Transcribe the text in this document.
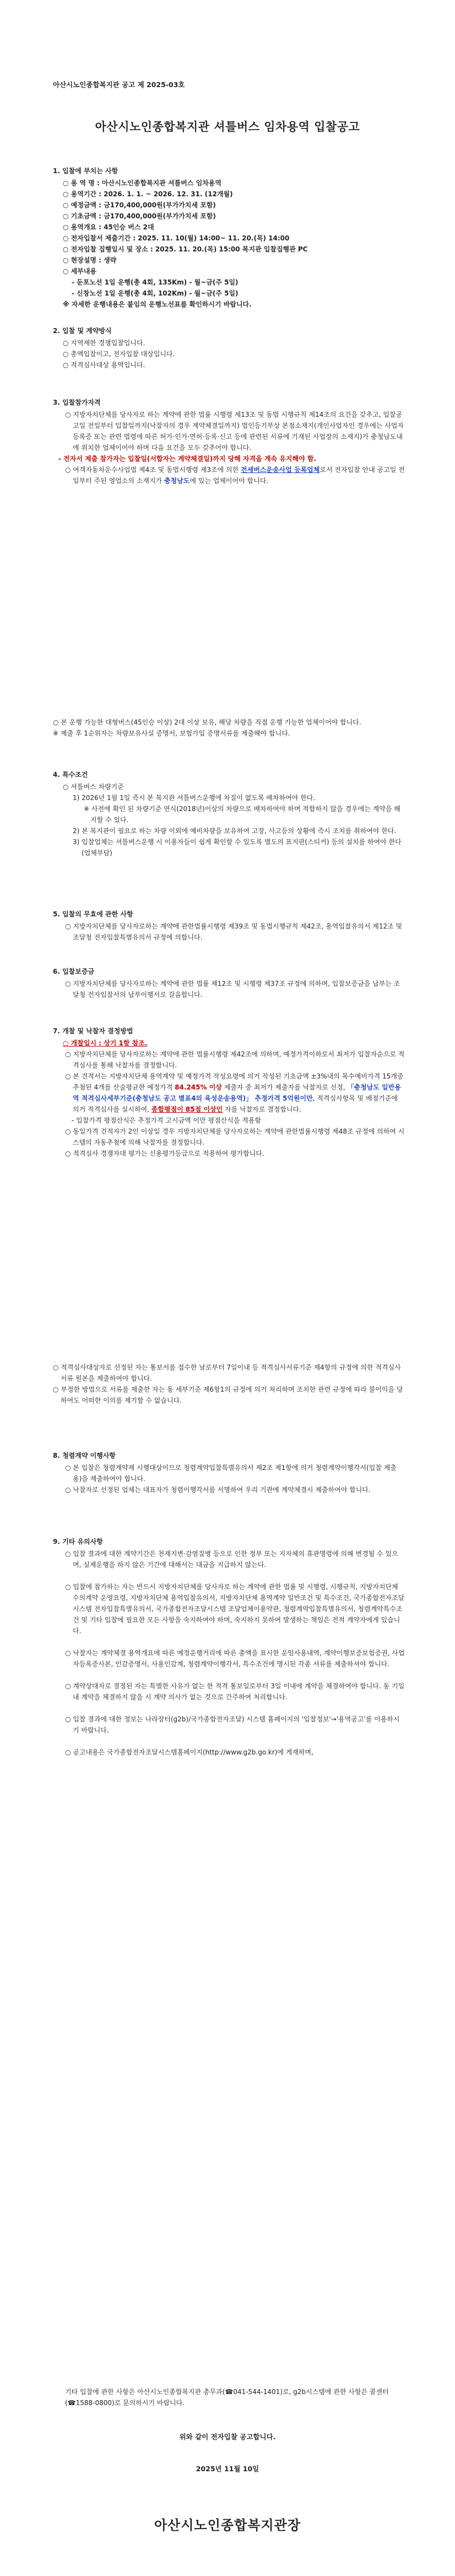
아산시노인종합복지관 공고 제 2025-03호
아산시노인종합복지관 셔틀버스 임차용역 입찰공고
1. 입찰에 부치는 사항
○ 용 역 명 : 아산시노인종합복지관 셔틀버스 임차용역
○ 용역기간 : 2026. 1. 1. ~ 2026. 12. 31. (12개월)
○ 예정금액 : 금170,400,000원(부가가치세 포함)
○ 기초금액 : 금170,400,000원(부가가치세 포함)
○ 용역개요 : 45인승 버스 2대
○ 전자입찰서 제출기간 : 2025. 11. 10(월) 14:00~ 11. 20.(목) 14:00
○ 전자입찰 집행일시 및 장소 : 2025. 11. 20.(목) 15:00 복지관 입찰집행관 PC
○ 현장설명 : 생략
○ 세부내용
- 둔포노선 1일 운행(총 4회, 135Km) - 월~금(주 5일)
- 신창노선 1일 운행(총 4회, 102Km) - 월~금(주 5일)
※ 자세한 운행내용은 붙임의 운행노선표를 확인하시기 바랍니다.
2. 입찰 및 계약방식
○ 지역제한 경쟁입찰입니다.
○ 총액입찰이고, 전자입찰 대상입니다.
○ 적격심사대상 용역입니다.
3. 입찰참가자격
○ 지방자치단체를 당사자로 하는 계약에 관한 법률 시행령 제13조 및 동법 시행규칙 제14조의 요건을 갖추고, 입찰공고일 전일부터 입찰일까지(낙찰자의 경우 계약체결일까지) 법인등기부상 본점소재지(개인사업자인 경우에는 사업자등록증 또는 관련 법령에 따른 허가·인가·면허·등록·신고 등에 관련된 서류에 기재된 사업장의 소재지)가 충청남도내에 위치한 업체이어야 하며 다음 요건을 모두 갖추어야 합니다.
- 전자서 제출 참가자는 입찰일(서합자는 계약체결일)까지 당해 자격을 계속 유지해야 함.
○ 여객자동차운수사업법 제4조 및 동법시행령 제3조에 의한 전세버스운송사업 등록업체로서 전자입찰 안내 공고일 전일부터 주된 영업소의 소재지가 충청남도에 있는 업체이어야 합니다.
○ 본 운행 가능한 대형버스(45인승 이상) 2대 이상 보유, 해당 차량을 직접 운행 가능한 업체이어야 합니다.
※ 제출 후 1순위자는 차량보유사실 증명서, 보험가입 증명서류를 제출해야 합니다.
4. 특수조건
○ 셔틀버스 차량기준
1) 2026년 1월 1일 즉시 본 복지관 셔틀버스운행에 차질이 없도록 배차하여야 한다.
※ 사전에 확인 된 차량기준 연식(2018년)이상의 차량으로 배차하여야 하며 적합하지 않을 경우에는 계약을 해지할 수 있다.
2) 본 복지관이 필요로 하는 차량 이외에 예비차량을 보유하여 고장, 사고등의 상황에 즉시 조치를 취하여야 한다.
3) 입찰업체는 셔틀버스운행 시 이용자들이 쉽게 확인할 수 있도록 별도의 표지판(스티커) 등의 설치를 하여야 한다(업체부담)
5. 입찰의 무효에 관한 사항
○ 지방자치단체를 당사자로하는 계약에 관한법률시행령 제39조 및 동법시행규칙 제42조, 용역입찰유의서 제12조 및 조달청 전자입찰특별유의서 규정에 의합니다.
6. 입찰보증금
○ 지방자치단체를 당사자로하는 계약에 관한 법률 제12조 및 시행령 제37조 규정에 의하며, 입찰보증금을 납부는 조달청 전자입찰서의 납부이행서로 갈음합니다.
7. 개찰 및 낙찰자 결정방법
○ 개찰일시 : 상기 1항 참조.
○ 지방자치단체를 당사자로하는 계약에 관한 법률시행령 제42조에 의하며, 예정가격이하로서 최저가 입찰자순으로 적격심사를 통해 낙찰자를 결정합니다.
○ 본 견적서는 지방자치단체 용역계약 및 예정가격 작성요령에 의거 작성된 기초금액 ±3%내의 복수예비가격 15개중 추첨된 4개를 산술평균한 예정가격 84.245% 이상 제출자 중 최저가 제출자를 낙찰자로 선정, 「충청남도 일반용역 적격심사세부기준(충청남도 공고 별표4의 육성운송용역)」 추정가격 5억원이만, 적격심사항목 및 배점기준에 의거 적격심사를 실시하여, 종합평점이 85점 이상인 자를 낙찰자로 결정합니다.
- 입찰가격 평점산식은 추정가격 고시금액 이만 평점산식을 적용함
○ 동일가격 견적자가 2인 이상일 경우 지방자치단체를 당사자로하는 계약에 관한법률시행령 제48조 규정에 의하여 시스템의 자동추첨에 의해 낙찰자를 결정합니다.
○ 적격심사 경쟁자대 평가는 신용평가등급으로 적용하여 평가합니다.
○ 적격심사대상자로 선정된 자는 통보서를 접수한 날로부터 7일이내 등 적격심사서류기준 제4항의 규정에 의한 적격심사 서류 원본을 제출하여야 합니다.
○ 부정한 방법으로 서류를 제출한 자는 동 세부기준 제6항1의 규정에 의거 처리하며 조치한 관련 규정에 따라 불이익을 당하여도 어떠한 이의를 제기할 수 없습니다.
8. 청렴계약 이행사항
○ 본 입찰은 청렴계약제 시행대상이므로 청렴계약입찰특별유의서 제2조 제1항에 의거 청렴계약이행각서(입찰 제출용)을 제출하여야 합니다.
○ 낙찰자로 선정된 업체는 대표자가 청렴이행각서를 서명하여 우리 기관에 계약체결시 제출하여야 합니다.
9. 기타 유의사항
○ 입찰 결과에 대한 계약기간은 천재지변·감염질병 등으로 인한 정부 또는 지자체의 휴관명령에 의해 변경될 수 있으며, 실제운행을 하지 않은 기간에 대해서는 대금을 지급하지 않는다.
○ 입찰에 참가하는 자는 반드시 지방자치단체를 당사자로 하는 계약에 관한 법률 및 시행령, 시행규칙, 지방자치단체 수의계약 운영요령, 지방자치단체 용역입찰유의서, 지방자치단체 용역계약 일반조건 및 특수조건, 국가종합전자조달시스템 전자입찰특별유의서, 국가종합전자조달시스템 조달업체이용약관, 청렴계약입찰특별유의서, 청렴계약특수조건 및 기타 입찰에 필요한 모든 사항을 숙지하여야 하며, 숙지하지 못하여 발생하는 책임은 전적 계약자에게 있습니다.
○ 낙찰자는 계약체결 용역개요에 따른 예정운행거리에 따른 총액을 표시한 운임사용내역, 계약이행보증보험증권, 사업자등록증사본, 인감증명서, 사용인감계, 청렴계약이행각서, 특수조건에 명시된 각종 서류를 제출하셔야 합니다.
○ 계약상대자로 결정된 자는 특별한 사유가 없는 한 적격 통보일로부터 3일 이내에 계약을 체결하여야 합니다. 동 기일내 계약을 체결하지 않을 시 계약 의사가 없는 것으로 간주하여 처리합니다.
○ 입찰 결과에 대한 정보는 나라장터(g2b)/국가종합전자조달) 시스템 홈페이지의 '입찰정보'→'용역공고'를 이용하시기 바랍니다.
○ 공고내용은 국가종합전자조달시스템홈페이지(http://www.g2b.go.kr)에 게재하며,
기타 입찰에 관한 사항은 아산시노인종합복지관 총무과(☎041-544-1401)로, g2b시스템에 관한 사항은 콜센터(☎1588-0800)로 문의하시기 바랍니다.
위와 같이 전자입찰 공고합니다.
2025년 11월 10일
아산시노인종합복지관장
